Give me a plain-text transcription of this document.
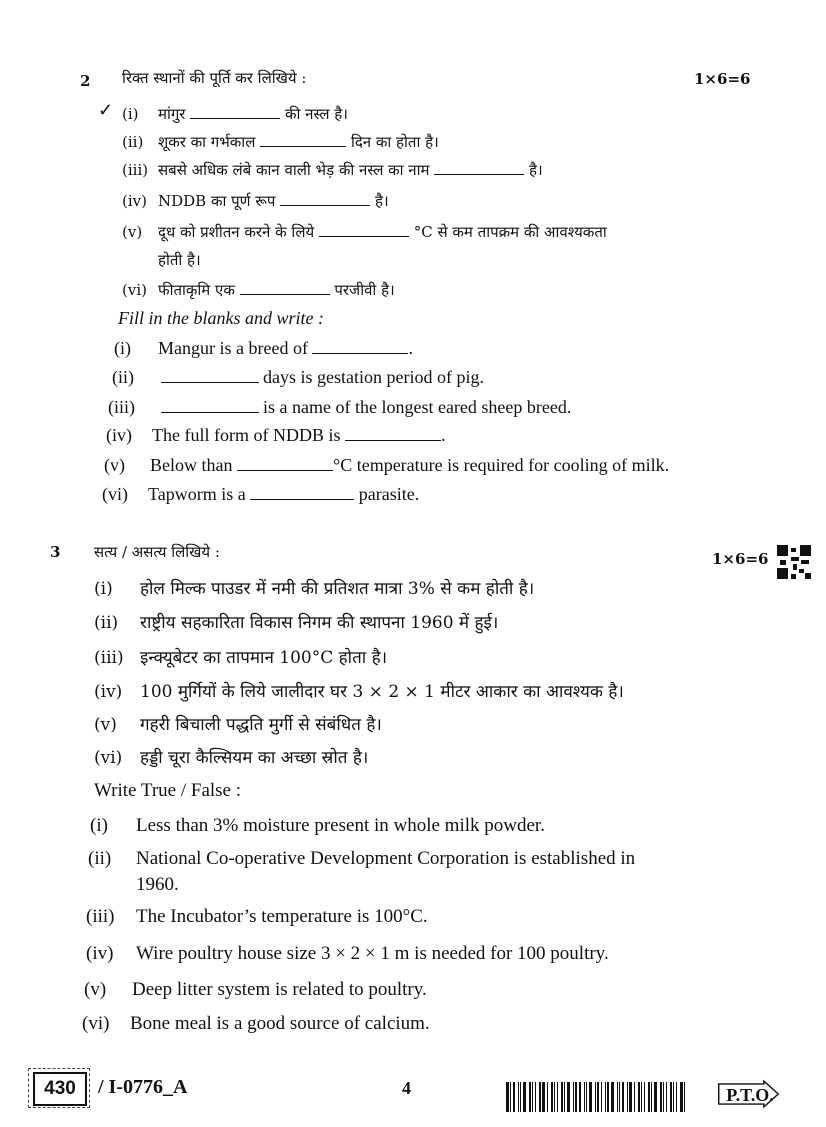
2 रिक्त स्थानों की पूर्ति कर लिखिये :	1×6=6
✓ (i) मांगुर	की नस्ल है।
(ii) शूकर का गर्भकाल	दिन का होता है।
(iii) सबसे अधिक लंबे कान वाली भेड़ की नस्ल का नाम	है।
(iv) NDDB का पूर्ण रूप	है।
(v) दूध को प्रशीतन करने के लिये	°C से कम तापक्रम की आवश्यकता
होती है।
(vi) फीताकृमि एक	परजीवी है।
Fill in the blanks and write :
(i) Mangur is a breed of	.
(ii)	days is gestation period of pig.
(iii)	is a name of the longest eared sheep breed.
(iv) The full form of NDDB is	.
(v) Below than	°C temperature is required for cooling of milk.
(vi) Tapworm is a	parasite.
3 सत्य / असत्य लिखिये :	1×6=6
(i) होल मिल्क पाउडर में नमी की प्रतिशत मात्रा 3% से कम होती है।
(ii) राष्ट्रीय सहकारिता विकास निगम की स्थापना 1960 में हुई।
(iii) इन्क्यूबेटर का तापमान 100°C होता है।
(iv) 100 मुर्गियों के लिये जालीदार घर 3 × 2 × 1 मीटर आकार का आवश्यक है।
(v) गहरी बिचाली पद्धति मुर्गी से संबंधित है।
(vi) हड्डी चूरा कैल्सियम का अच्छा स्रोत है।
Write True / False :
(i) Less than 3% moisture present in whole milk powder.
(ii) National Co-operative Development Corporation is established in
1960.
(iii) The Incubator’s temperature is 100°C.
(iv) Wire poultry house size 3 × 2 × 1 m is needed for 100 poultry.
(v) Deep litter system is related to poultry.
(vi) Bone meal is a good source of calcium.
430	/ I-0776_A	4	P.T.O.
